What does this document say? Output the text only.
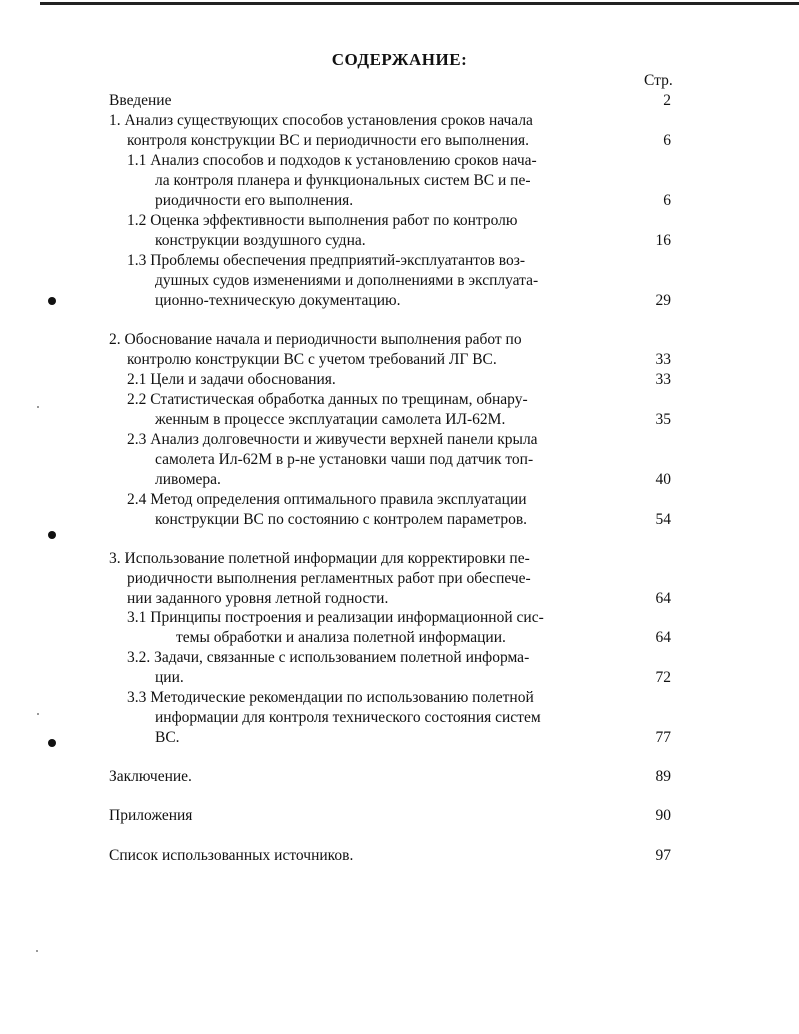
СОДЕРЖАНИЕ:
Стр.
Введение	2
1. Анализ существующих способов установления сроков начала
контроля конструкции ВС и периодичности его выполнения.	6
1.1 Анализ способов и подходов к установлению сроков нача-
ла контроля планера и функциональных систем ВС и пе-
риодичности его выполнения.	6
1.2 Оценка эффективности выполнения работ по контролю
конструкции воздушного судна.	16
1.3 Проблемы обеспечения предприятий-эксплуатантов воз-
душных судов изменениями и дополнениями в эксплуата-
ционно-техническую документацию.	29
2. Обоснование начала и периодичности выполнения работ по
контролю конструкции ВС с учетом требований ЛГ ВС.	33
2.1 Цели и задачи обоснования.	33
2.2 Статистическая обработка данных по трещинам, обнару-
женным в процессе эксплуатации самолета ИЛ-62М.	35
2.3 Анализ долговечности и живучести верхней панели крыла
самолета Ил-62М в р-не установки чаши под датчик топ-
ливомера.	40
2.4 Метод определения оптимального правила эксплуатации
конструкции ВС по состоянию с контролем параметров.	54
3. Использование полетной информации для корректировки пе-
риодичности выполнения регламентных работ при обеспече-
нии заданного уровня летной годности.	64
3.1 Принципы построения и реализации информационной сис-
темы обработки и анализа полетной информации.	64
3.2. Задачи, связанные с использованием полетной информа-
ции.	72
3.3 Методические рекомендации по использованию полетной
информации для контроля технического состояния систем
ВС.	77
Заключение.	89
Приложения	90
Список использованных источников.	97
